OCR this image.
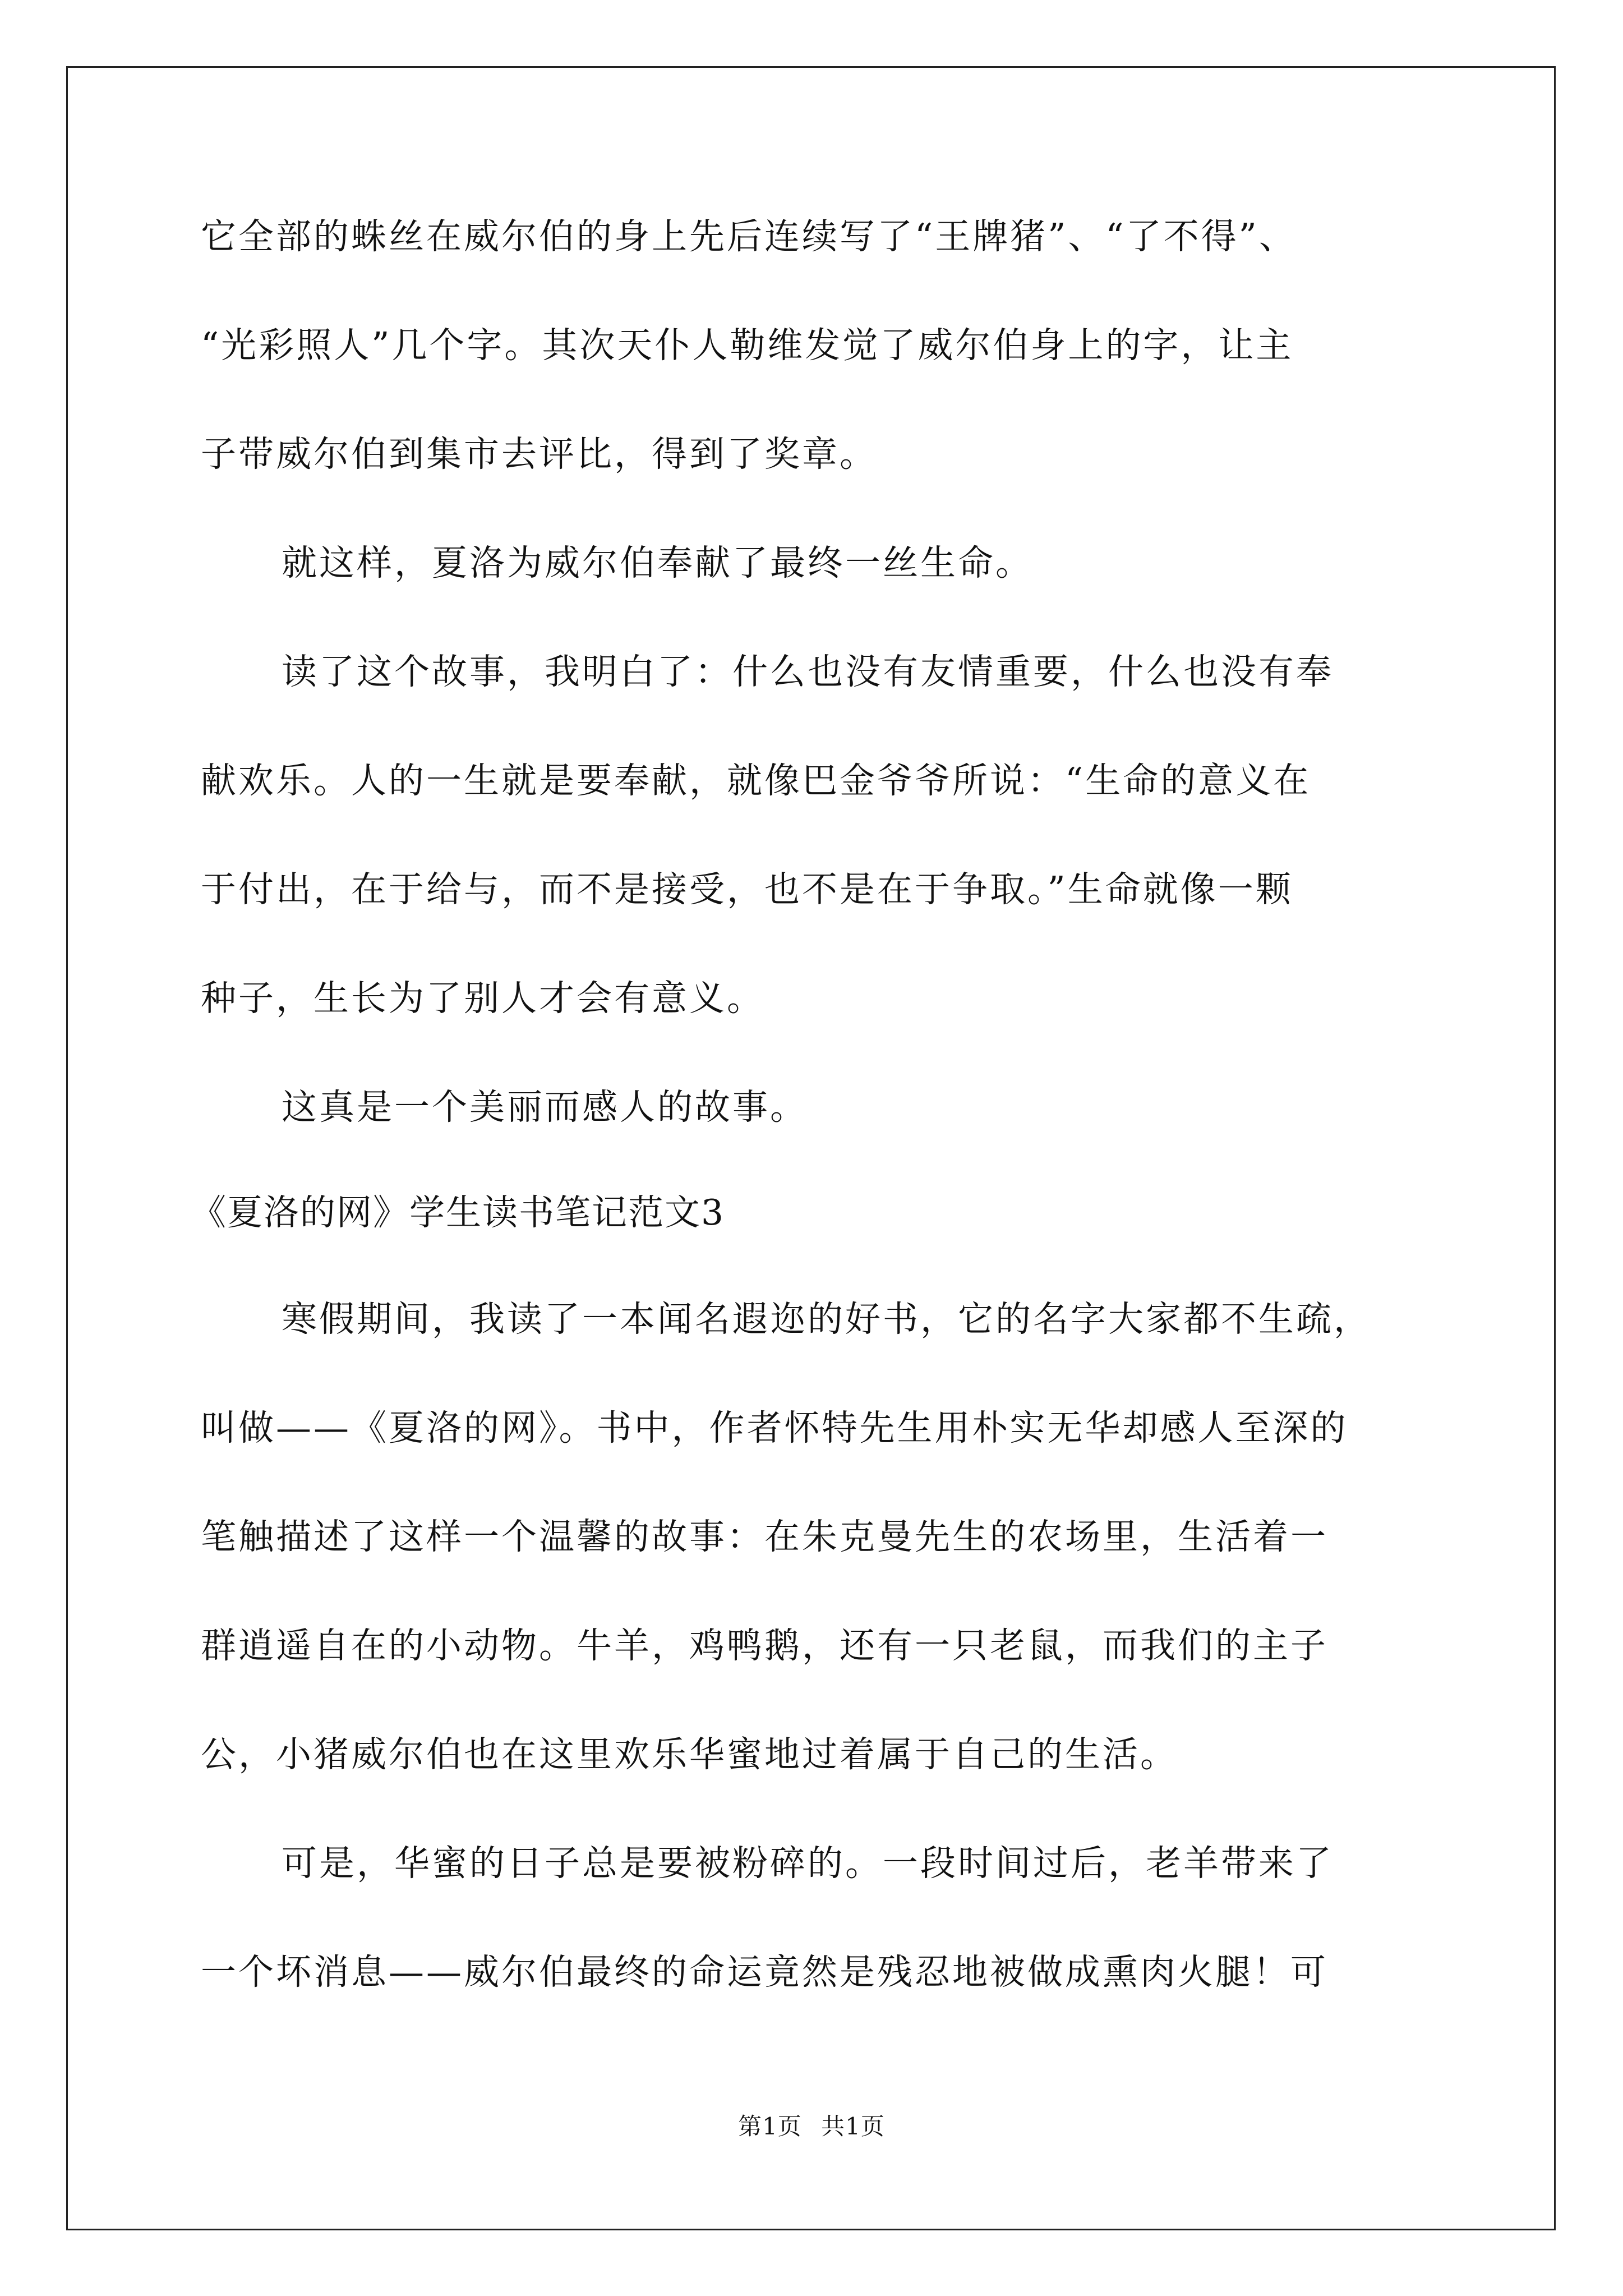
它全部的蛛丝在威尔伯的身上先后连续写了“王牌猪”、“了不得”、
“光彩照人”几个字。其次天仆人勒维发觉了威尔伯身上的字，让主
子带威尔伯到集市去评比，得到了奖章。
就这样，夏洛为威尔伯奉献了最终一丝生命。
读了这个故事，我明白了：什么也没有友情重要，什么也没有奉
献欢乐。人的一生就是要奉献，就像巴金爷爷所说：“生命的意义在
于付出，在于给与，而不是接受，也不是在于争取。”生命就像一颗
种子，生长为了别人才会有意义。
这真是一个美丽而感人的故事。
《夏洛的网》学生读书笔记范文3
寒假期间，我读了一本闻名遐迩的好书，它的名字大家都不生疏，
叫做——《夏洛的网》。书中，作者怀特先生用朴实无华却感人至深的
笔触描述了这样一个温馨的故事：在朱克曼先生的农场里，生活着一
群逍遥自在的小动物。牛羊，鸡鸭鹅，还有一只老鼠，而我们的主子
公，小猪威尔伯也在这里欢乐华蜜地过着属于自己的生活。
可是，华蜜的日子总是要被粉碎的。一段时间过后，老羊带来了
一个坏消息——威尔伯最终的命运竟然是残忍地被做成熏肉火腿！可
第1页 共1页
